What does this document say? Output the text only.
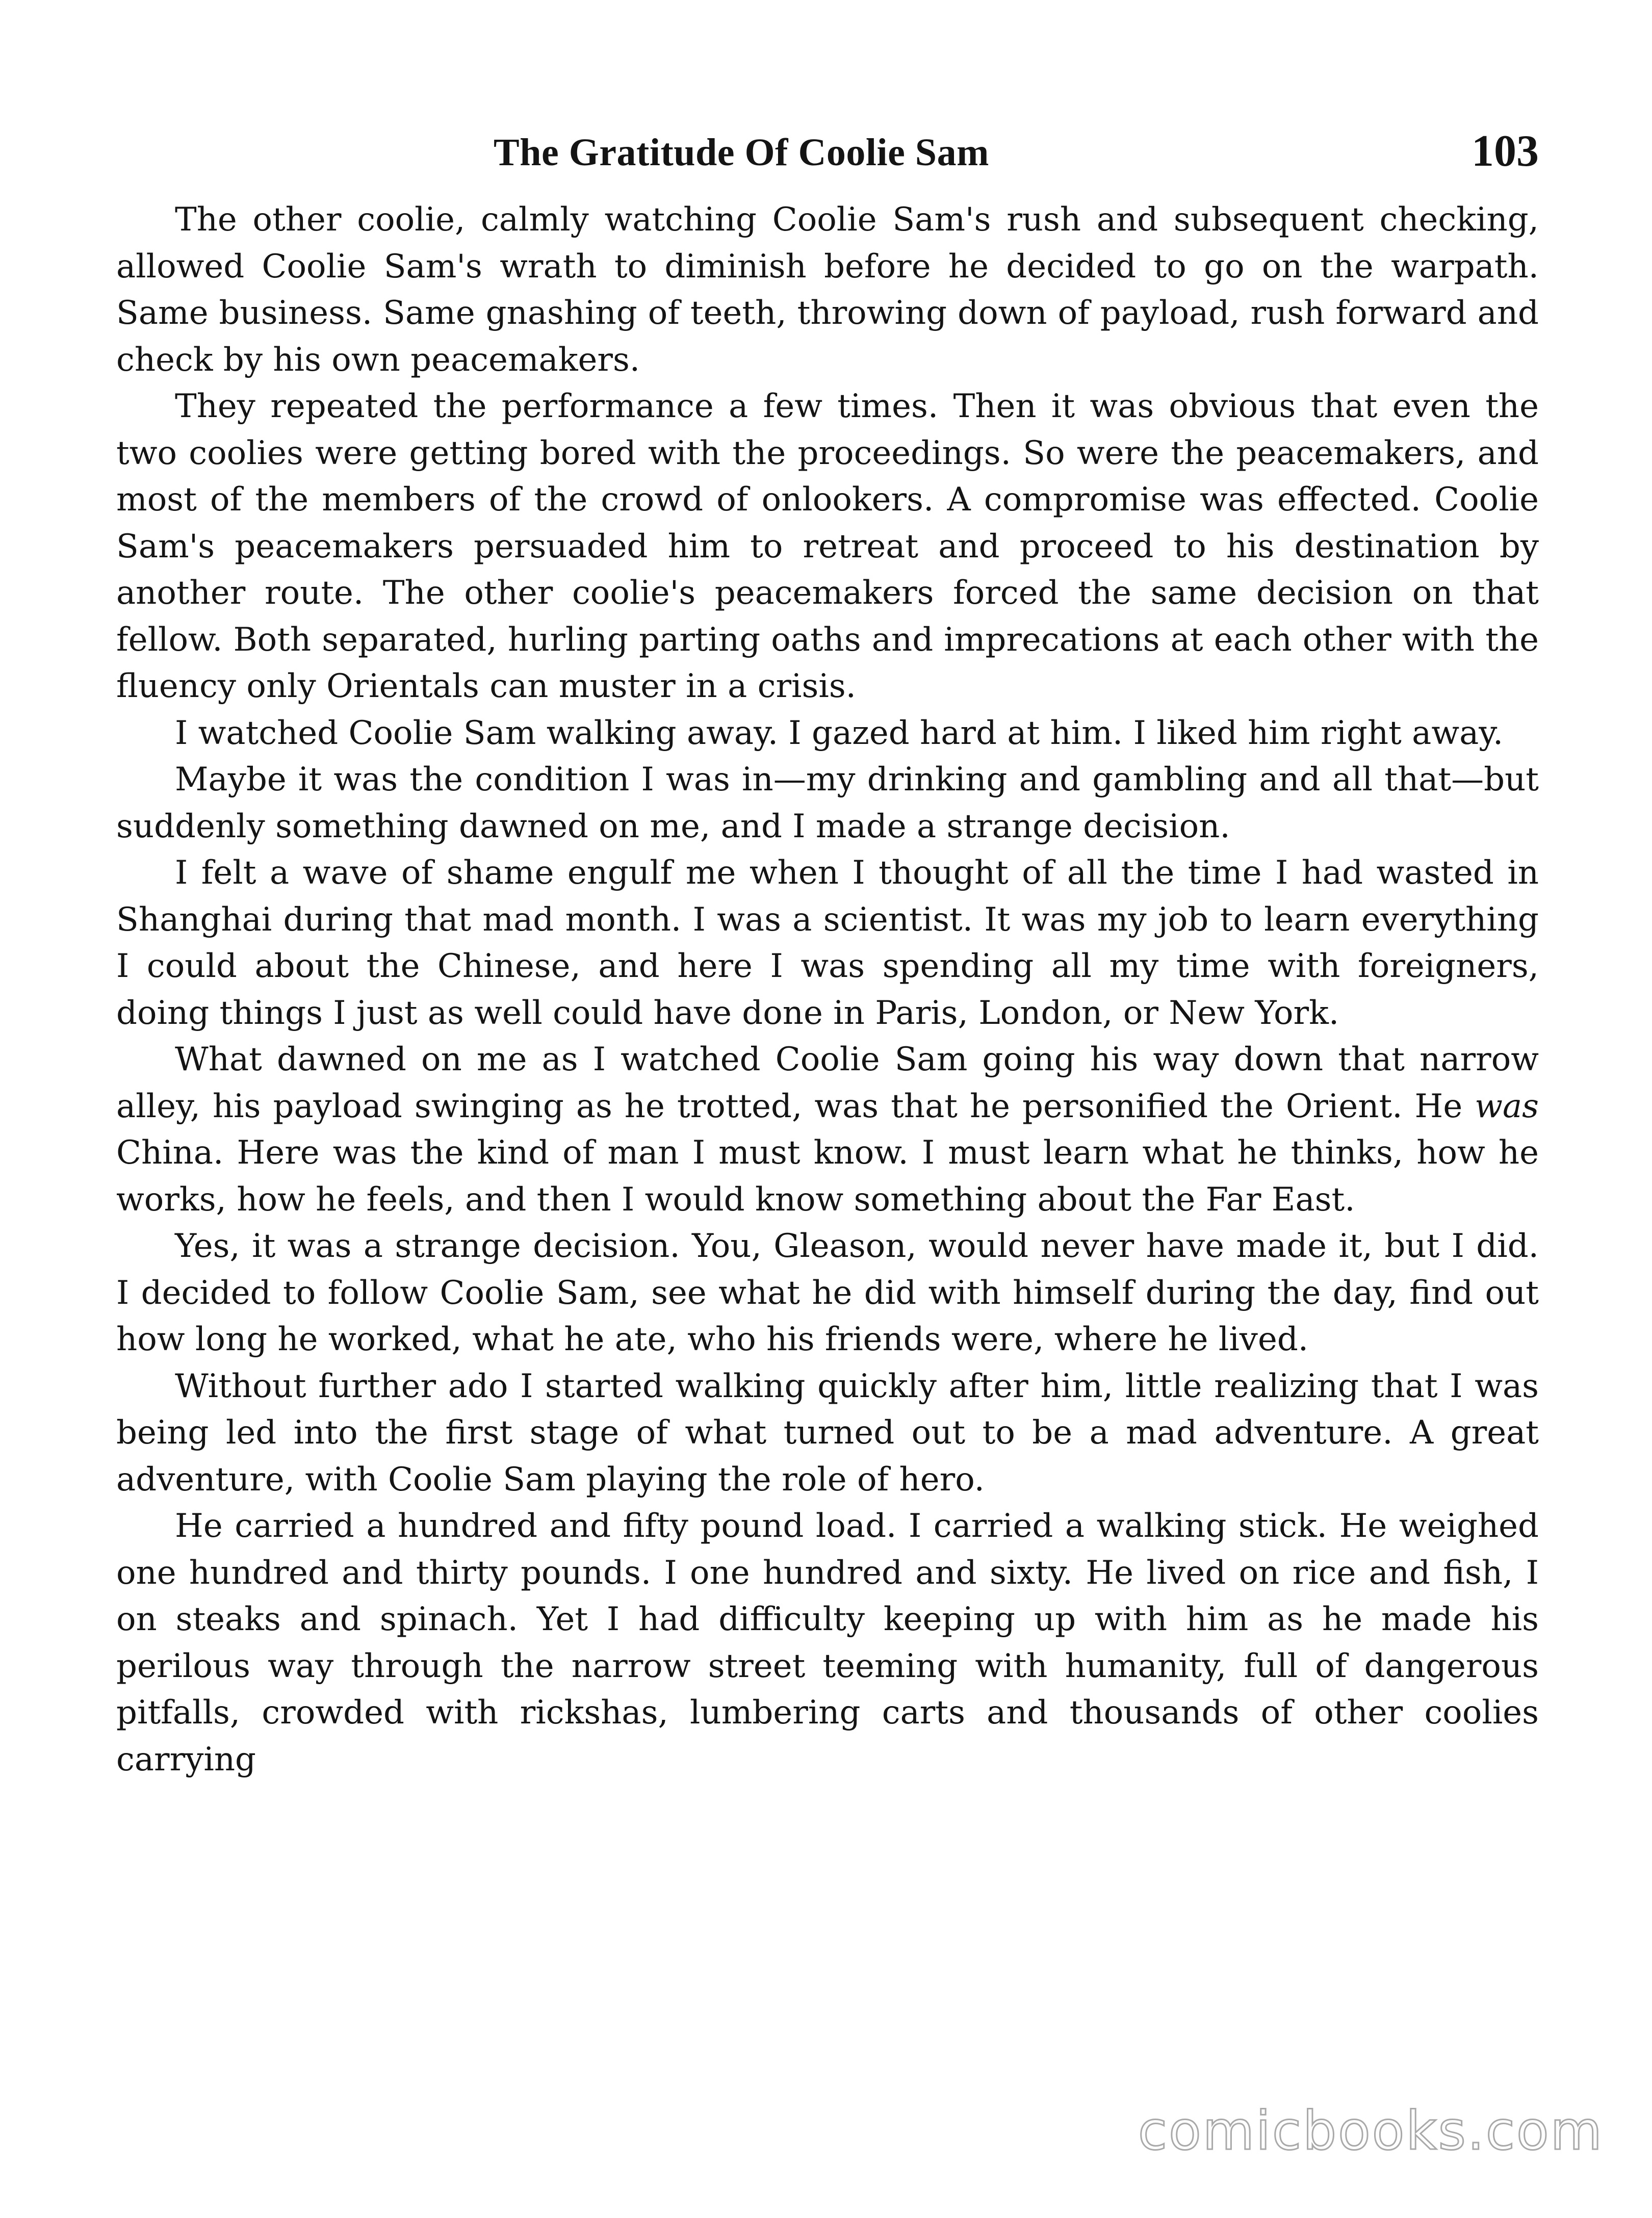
The Gratitude Of Coolie Sam	103

The other coolie, calmly watching Coolie Sam's rush and subsequent checking, allowed Coolie Sam's wrath to diminish before he decided to go on the warpath. Same business. Same gnashing of teeth, throwing down of payload, rush forward and check by his own peacemakers.

They repeated the performance a few times. Then it was obvious that even the two coolies were getting bored with the proceedings. So were the peacemakers, and most of the members of the crowd of onlookers. A compromise was effected. Coolie Sam's peacemakers persuaded him to retreat and proceed to his destination by another route. The other coolie's peacemakers forced the same decision on that fellow. Both separated, hurling parting oaths and imprecations at each other with the fluency only Orientals can muster in a crisis.

I watched Coolie Sam walking away. I gazed hard at him. I liked him right away.

Maybe it was the condition I was in—my drinking and gambling and all that—but suddenly something dawned on me, and I made a strange decision.

I felt a wave of shame engulf me when I thought of all the time I had wasted in Shanghai during that mad month. I was a scientist. It was my job to learn everything I could about the Chinese, and here I was spending all my time with foreigners, doing things I just as well could have done in Paris, London, or New York.

What dawned on me as I watched Coolie Sam going his way down that narrow alley, his payload swinging as he trotted, was that he personified the Orient. He was China. Here was the kind of man I must know. I must learn what he thinks, how he works, how he feels, and then I would know something about the Far East.

Yes, it was a strange decision. You, Gleason, would never have made it, but I did. I decided to follow Coolie Sam, see what he did with himself during the day, find out how long he worked, what he ate, who his friends were, where he lived.

Without further ado I started walking quickly after him, little realizing that I was being led into the first stage of what turned out to be a mad adventure. A great adventure, with Coolie Sam playing the role of hero.

He carried a hundred and fifty pound load. I carried a walking stick. He weighed one hundred and thirty pounds. I one hundred and sixty. He lived on rice and fish, I on steaks and spinach. Yet I had difficulty keeping up with him as he made his perilous way through the narrow street teeming with humanity, full of dangerous pitfalls, crowded with rickshas, lumbering carts and thousands of other coolies carrying

comicbooks.com
